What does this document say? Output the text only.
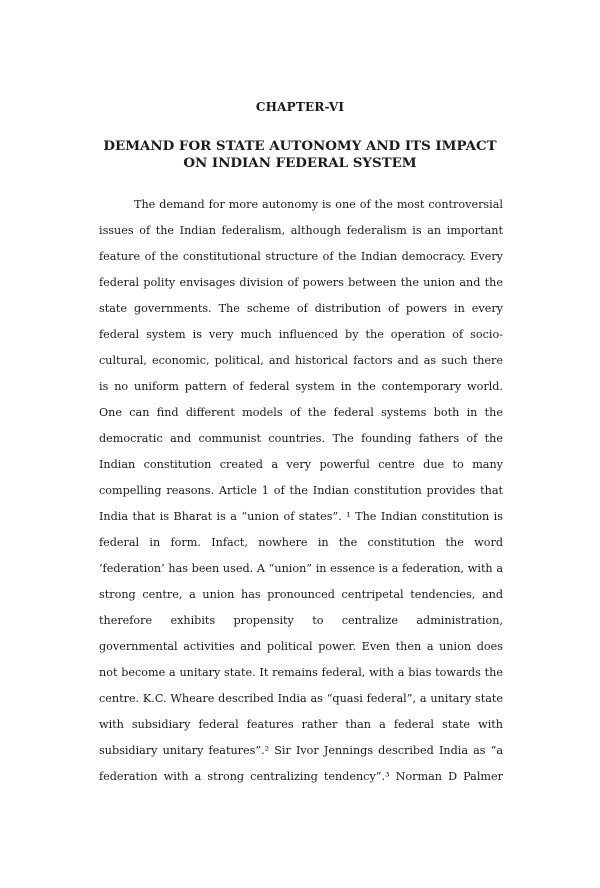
CHAPTER-VI
DEMAND FOR STATE AUTONOMY AND ITS IMPACT
ON INDIAN FEDERAL SYSTEM
The demand for more autonomy is one of the most controversial
issues of the Indian federalism, although federalism is an important
feature of the constitutional structure of the Indian democracy. Every
federal polity envisages division of powers between the union and the
state governments. The scheme of distribution of powers in every
federal system is very much influenced by the operation of socio-
cultural, economic, political, and historical factors and as such there
is no uniform pattern of federal system in the contemporary world.
One can find different models of the federal systems both in the
democratic and communist countries. The founding fathers of the
Indian constitution created a very powerful centre due to many
compelling reasons. Article 1 of the Indian constitution provides that
India that is Bharat is a “union of states”. ¹ The Indian constitution is
federal in form. Infact, nowhere in the constitution the word
‘federation’ has been used. A “union” in essence is a federation, with a
strong centre, a union has pronounced centripetal tendencies, and
therefore exhibits propensity to centralize administration,
governmental activities and political power. Even then a union does
not become a unitary state. It remains federal, with a bias towards the
centre. K.C. Wheare described India as “quasi federal”, a unitary state
with subsidiary federal features rather than a federal state with
subsidiary unitary features”.² Sir Ivor Jennings described India as “a
federation with a strong centralizing tendency”.³ Norman D Palmer
